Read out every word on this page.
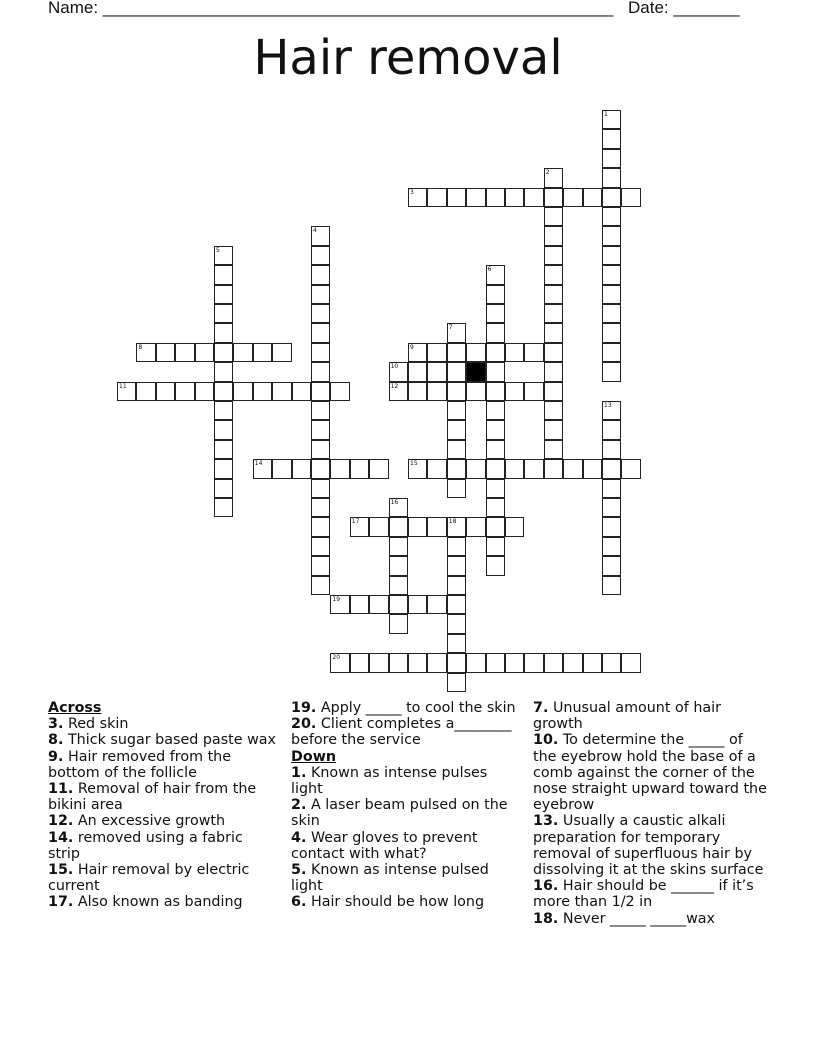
Name: ______________________________________________________ Date: _______
Hair removal
1
2
3
4
5
6
7
8	9
10
11	12
13
14	15
16
17	18
19
20
Across
3. Red skin
8. Thick sugar based paste wax
9. Hair removed from the bottom of the follicle
11. Removal of hair from the bikini area
12. An excessive growth
14. removed using a fabric strip
15. Hair removal by electric current
17. Also known as banding
19. Apply _____ to cool the skin
20. Client completes a________ before the service
Down
1. Known as intense pulses light
2. A laser beam pulsed on the skin
4. Wear gloves to prevent contact with what?
5. Known as intense pulsed light
6. Hair should be how long
7. Unusual amount of hair growth
10. To determine the _____ of the eyebrow hold the base of a comb against the corner of the nose straight upward toward the eyebrow
13. Usually a caustic alkali preparation for temporary removal of superfluous hair by dissolving it at the skins surface
16. Hair should be ______ if it’s more than 1/2 in
18. Never _____ _____wax
